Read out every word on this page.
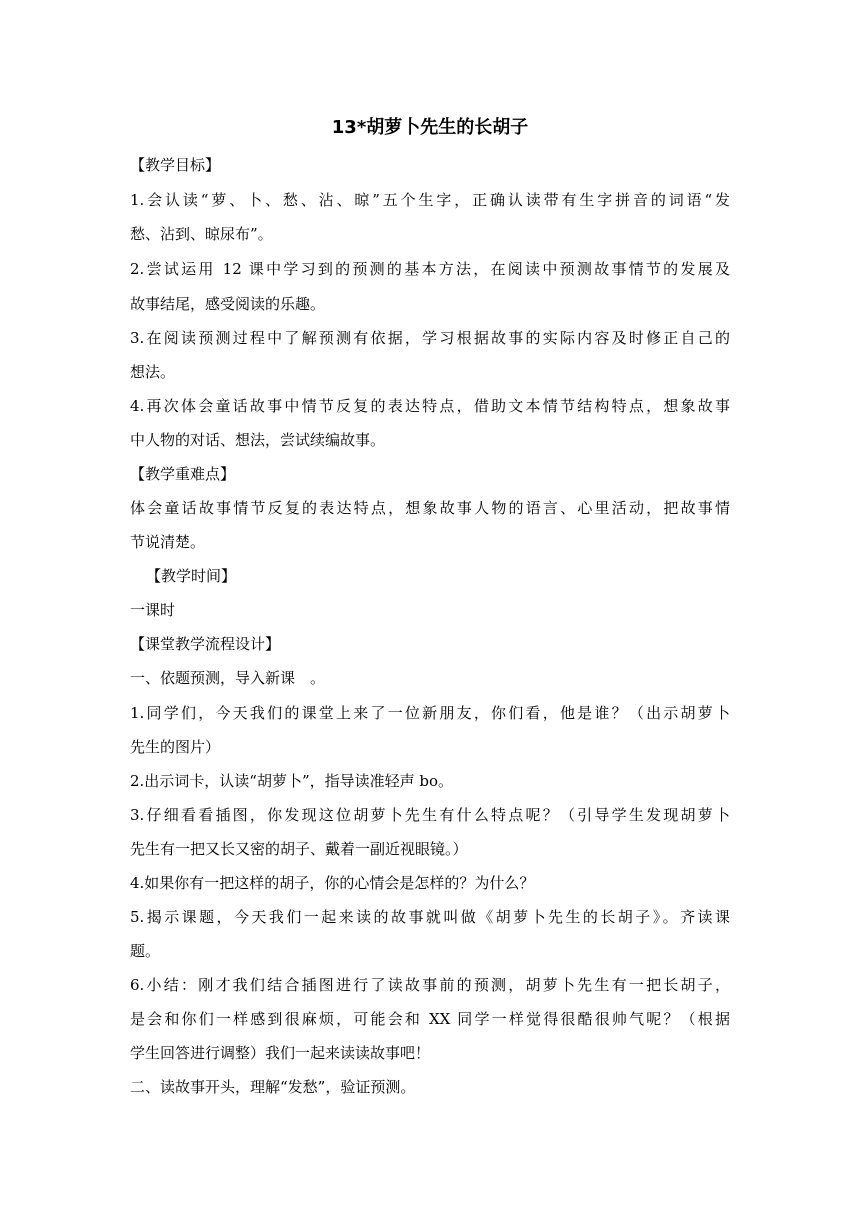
13*胡萝卜先生的长胡子
【教学目标】
1.会认读“萝、卜、愁、沾、晾”五个生字，正确认读带有生字拼音的词语“发
愁、沾到、晾尿布”。
2.尝试运用 12 课中学习到的预测的基本方法，在阅读中预测故事情节的发展及
故事结尾，感受阅读的乐趣。
3.在阅读预测过程中了解预测有依据，学习根据故事的实际内容及时修正自己的
想法。
4.再次体会童话故事中情节反复的表达特点，借助文本情节结构特点，想象故事
中人物的对话、想法，尝试续编故事。
【教学重难点】
体会童话故事情节反复的表达特点，想象故事人物的语言、心里活动，把故事情
节说清楚。
【教学时间】
一课时
【课堂教学流程设计】
一、依题预测，导入新课　。
1.同学们，今天我们的课堂上来了一位新朋友，你们看，他是谁？（出示胡萝卜
先生的图片）
2.出示词卡，认读“胡萝卜”，指导读准轻声 bo。
3.仔细看看插图，你发现这位胡萝卜先生有什么特点呢？（引导学生发现胡萝卜
先生有一把又长又密的胡子、戴着一副近视眼镜。）
4.如果你有一把这样的胡子，你的心情会是怎样的？为什么？
5.揭示课题，今天我们一起来读的故事就叫做《胡萝卜先生的长胡子》。齐读课
题。
6.小结：刚才我们结合插图进行了读故事前的预测，胡萝卜先生有一把长胡子，
是会和你们一样感到很麻烦，可能会和 XX 同学一样觉得很酷很帅气呢？（根据
学生回答进行调整）我们一起来读读故事吧！
二、读故事开头，理解“发愁”，验证预测。
